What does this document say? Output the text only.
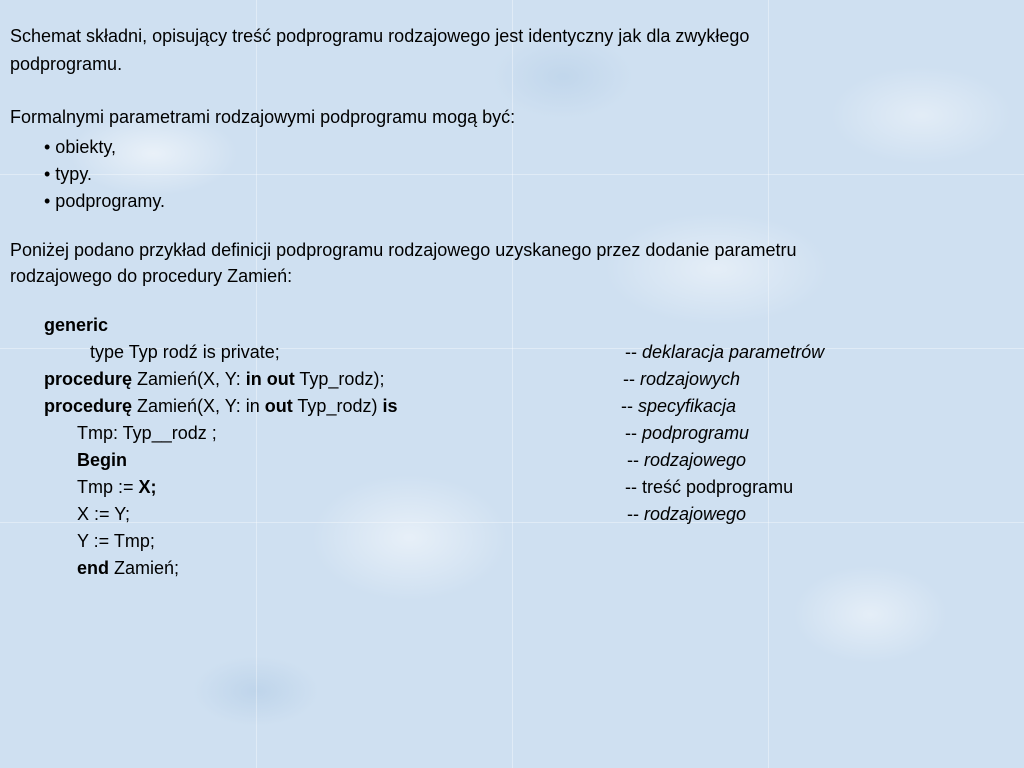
Schemat składni, opisujący treść podprogramu rodzajowego jest identyczny jak dla zwykłego
podprogramu.
Formalnymi parametrami rodzajowymi podprogramu mogą być:
• obiekty,
• typy.
• podprogramy.
Poniżej podano przykład definicji podprogramu rodzajowego uzyskanego przez dodanie parametru
rodzajowego do procedury Zamień:
generic
type Typ rodź is private;	-- deklaracja parametrów
procedurę Zamień(X, Y: in out Typ_rodz);	-- rodzajowych
procedurę Zamień(X, Y: in out Typ_rodz) is	-- specyfikacja
Tmp: Typ__rodz ;	-- podprogramu
Begin	-- rodzajowego
Tmp := X;	-- treść podprogramu
X := Y;	-- rodzajowego
Y := Tmp;
end Zamień;
